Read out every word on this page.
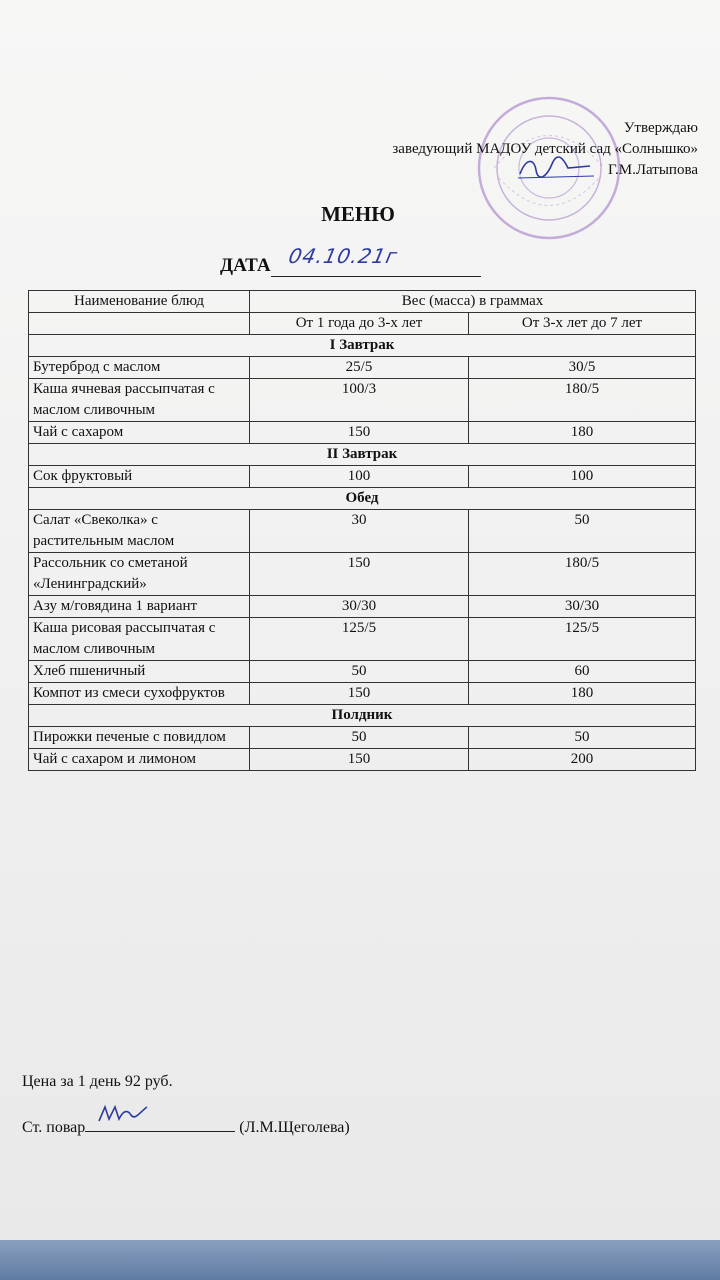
Утверждаю
заведующий МАДОУ детский сад «Солнышко»
Г.М.Латыпова
МЕНЮ
ДАТА 04.10.21г
Наименование блюд	Вес (масса) в граммах	
	От 1 года до 3-х лет	От 3-х лет до 7 лет
I Завтрак		
Бутерброд с маслом	25/5	30/5
Каша ячневая рассыпчатая с маслом сливочным	100/3	180/5
Чай с сахаром	150	180
II Завтрак		
Сок фруктовый	100	100
Обед		
Салат «Свеколка» с растительным маслом	30	50
Рассольник со сметаной «Ленинградский»	150	180/5
Азу м/говядина 1 вариант	30/30	30/30
Каша рисовая рассыпчатая с маслом сливочным	125/5	125/5
Хлеб пшеничный	50	60
Компот из смеси сухофруктов	150	180
Полдник		
Пирожки печеные с повидлом	50	50
Чай с сахаром и лимоном	150	200
Цена за 1 день 92 руб.
Ст. повар	(Л.М.Щеголева)
